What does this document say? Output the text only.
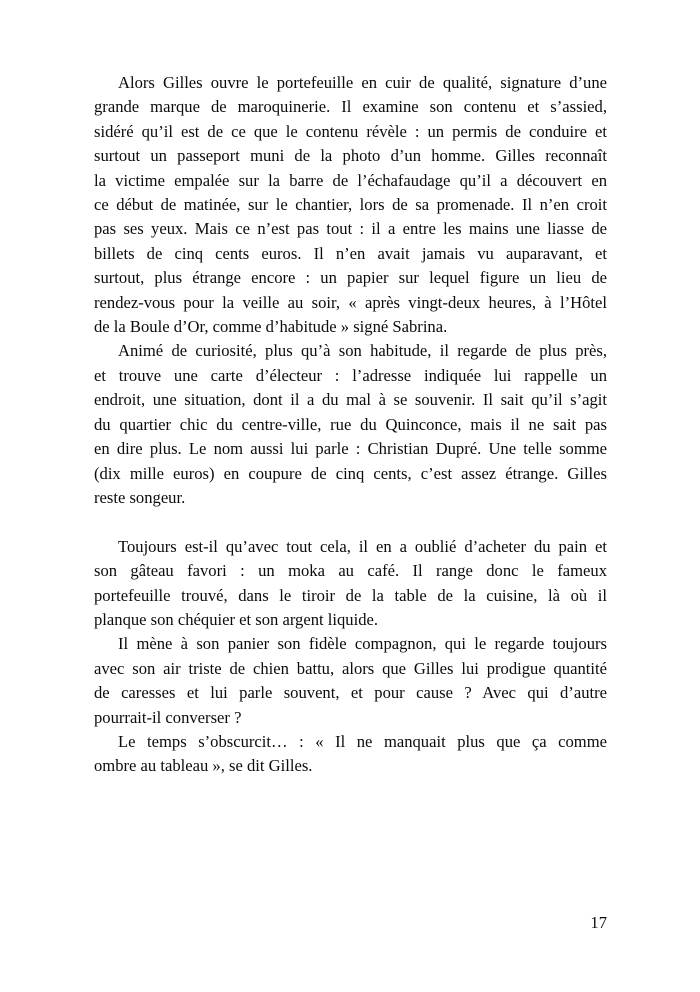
Alors Gilles ouvre le portefeuille en cuir de qualité, signature d’une
grande marque de maroquinerie. Il examine son contenu et s’assied,
sidéré qu’il est de ce que le contenu révèle : un permis de conduire et
surtout un passeport muni de la photo d’un homme. Gilles reconnaît
la victime empalée sur la barre de l’échafaudage qu’il a découvert en
ce début de matinée, sur le chantier, lors de sa promenade. Il n’en croit
pas ses yeux. Mais ce n’est pas tout : il a entre les mains une liasse de
billets de cinq cents euros. Il n’en avait jamais vu auparavant, et
surtout, plus étrange encore : un papier sur lequel figure un lieu de
rendez-vous pour la veille au soir, « après vingt-deux heures, à l’Hôtel
de la Boule d’Or, comme d’habitude » signé Sabrina.

Animé de curiosité, plus qu’à son habitude, il regarde de plus près,
et trouve une carte d’électeur : l’adresse indiquée lui rappelle un
endroit, une situation, dont il a du mal à se souvenir. Il sait qu’il s’agit
du quartier chic du centre-ville, rue du Quinconce, mais il ne sait pas
en dire plus. Le nom aussi lui parle : Christian Dupré. Une telle somme
(dix mille euros) en coupure de cinq cents, c’est assez étrange. Gilles
reste songeur.

Toujours est-il qu’avec tout cela, il en a oublié d’acheter du pain et
son gâteau favori : un moka au café. Il range donc le fameux
portefeuille trouvé, dans le tiroir de la table de la cuisine, là où il
planque son chéquier et son argent liquide.

Il mène à son panier son fidèle compagnon, qui le regarde toujours
avec son air triste de chien battu, alors que Gilles lui prodigue quantité
de caresses et lui parle souvent, et pour cause ? Avec qui d’autre
pourrait-il converser ?

Le temps s’obscurcit… : « Il ne manquait plus que ça comme
ombre au tableau », se dit Gilles.

17
